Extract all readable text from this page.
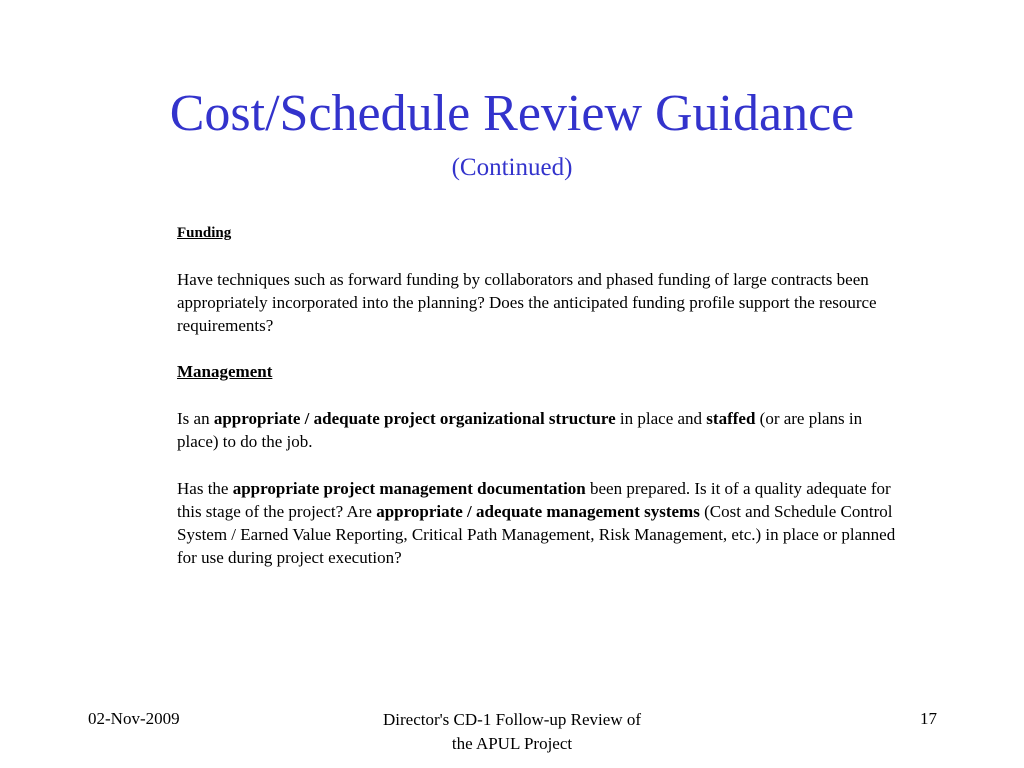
Cost/Schedule Review Guidance
(Continued)
Funding
Have techniques such as forward funding by collaborators and phased funding of large contracts been appropriately incorporated into the planning? Does the anticipated funding profile support the resource requirements?
Management
Is an appropriate / adequate project organizational structure in place and staffed (or are plans in place) to do the job.
Has the appropriate project management documentation been prepared. Is it of a quality adequate for this stage of the project? Are appropriate / adequate management systems (Cost and Schedule Control System / Earned Value Reporting, Critical Path Management, Risk Management, etc.) in place or planned for use during project execution?
02-Nov-2009	Director's CD-1 Follow-up Review of
the APUL Project
17
